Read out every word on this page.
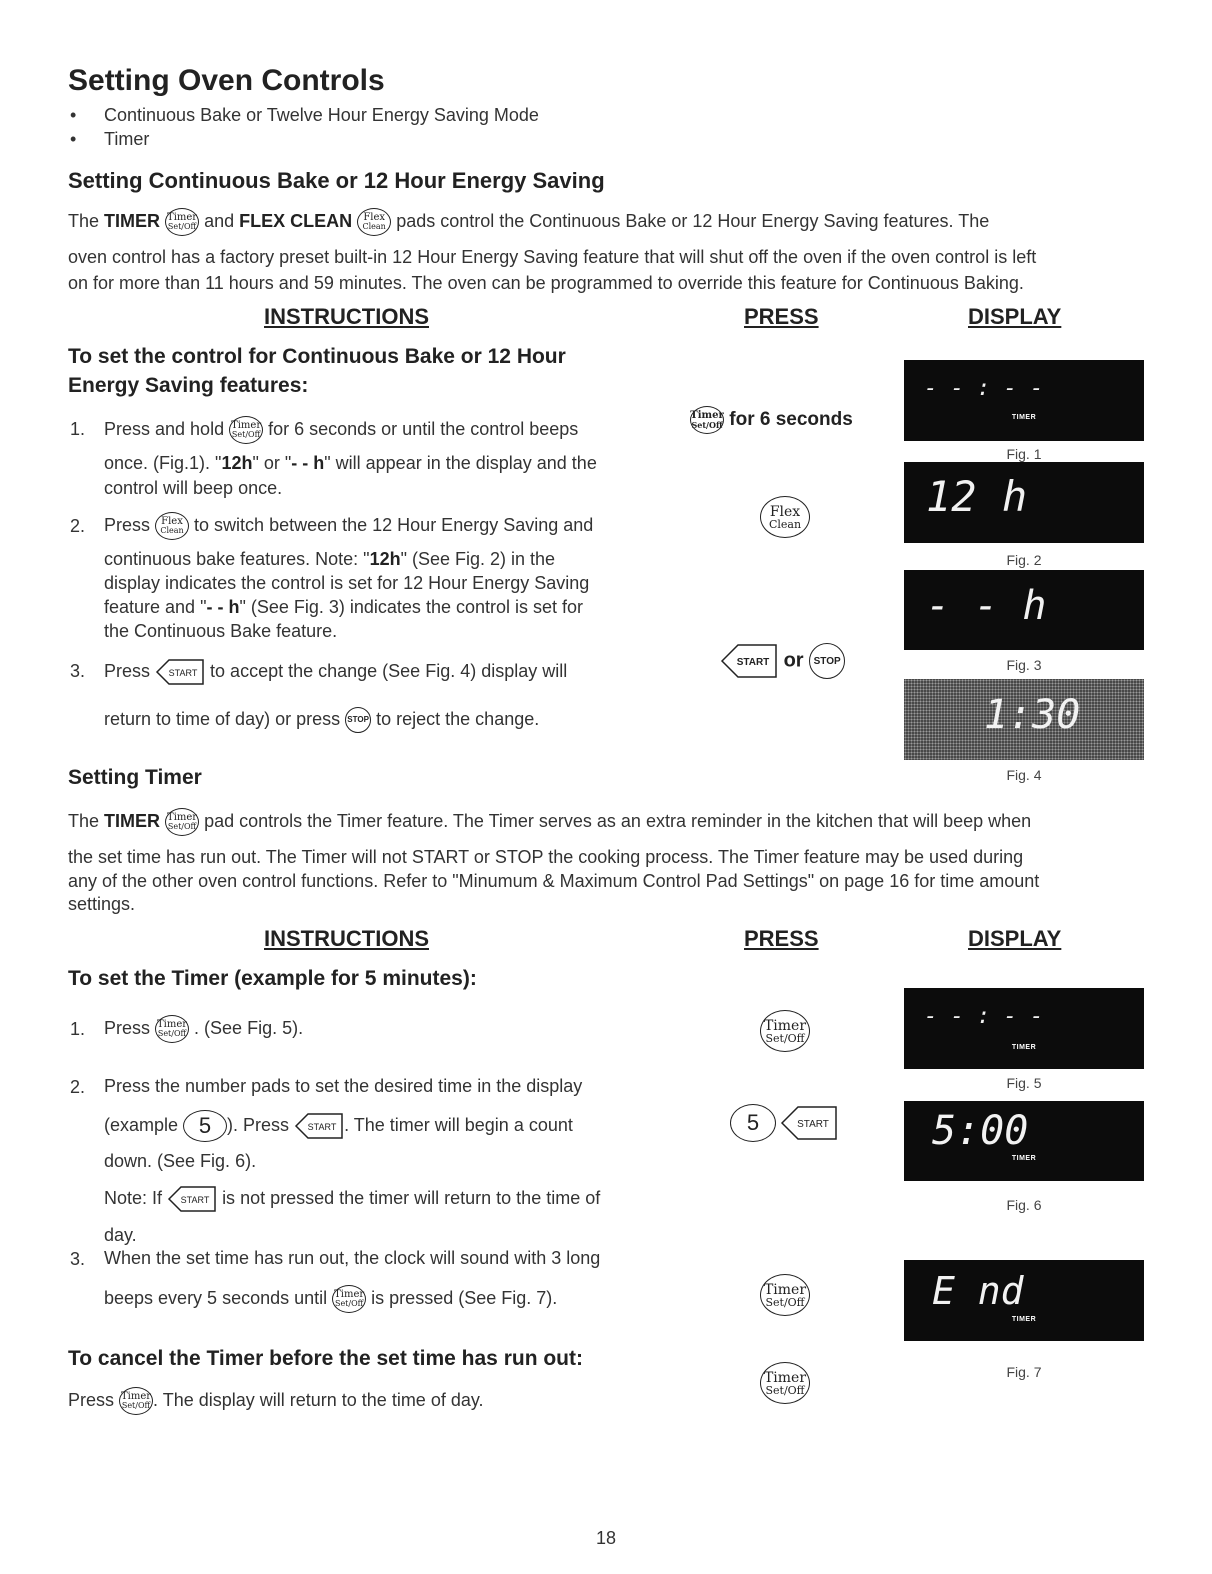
Setting Oven Controls
• Continuous Bake or Twelve Hour Energy Saving Mode
• Timer
Setting Continuous Bake or 12 Hour Energy Saving
The TIMER Timer
Set/Off and FLEX CLEAN Flex
Clean pads control the Continuous Bake or 12 Hour Energy Saving features. The
oven control has a factory preset built-in 12 Hour Energy Saving feature that will shut off the oven if the oven control is left
on for more than 11 hours and 59 minutes. The oven can be programmed to override this feature for Continuous Baking.
INSTRUCTIONS	PRESS	DISPLAY
To set the control for Continuous Bake or 12 Hour
Energy Saving features:
1. Press and hold Timer
Set/Off for 6 seconds or until the control beeps
once. (Fig.1). "12h" or "- - h" will appear in the display and the
control will beep once.
2. Press Flex
Clean to switch between the 12 Hour Energy Saving and
continuous bake features. Note: "12h" (See Fig. 2) in the
display indicates the control is set for 12 Hour Energy Saving
feature and "- - h" (See Fig. 3) indicates the control is set for
the Continuous Bake feature.
3. Press START to accept the change (See Fig. 4) display will
return to time of day) or press STOP to reject the change.
Timer
Set/Off for 6 seconds
Flex
Clean
START or STOP
- - : - -
TIMER
Fig. 1
12 h
Fig. 2
- - h
Fig. 3
1:30
Fig. 4
Setting Timer
The TIMER Timer
Set/Off pad controls the Timer feature. The Timer serves as an extra reminder in the kitchen that will beep when
the set time has run out. The Timer will not START or STOP the cooking process. The Timer feature may be used during
any of the other oven control functions. Refer to "Minumum & Maximum Control Pad Settings" on page 16 for time amount
settings.
INSTRUCTIONS	PRESS	DISPLAY
To set the Timer (example for 5 minutes):
1. Press Timer
Set/Off . (See Fig. 5).
2. Press the number pads to set the desired time in the display
(example 5 ). Press START . The timer will begin a count
down. (See Fig. 6).
Note: If START is not pressed the timer will return to the time of
day.
3. When the set time has run out, the clock will sound with 3 long
beeps every 5 seconds until Timer
Set/Off is pressed (See Fig. 7).
To cancel the Timer before the set time has run out:
Press Timer
Set/Off . The display will return to the time of day.
Timer
Set/Off
5	START
Timer
Set/Off
Timer
Set/Off
- - : - -
TIMER
Fig. 5
5:00
TIMER
Fig. 6
E nd
TIMER
Fig. 7
18
